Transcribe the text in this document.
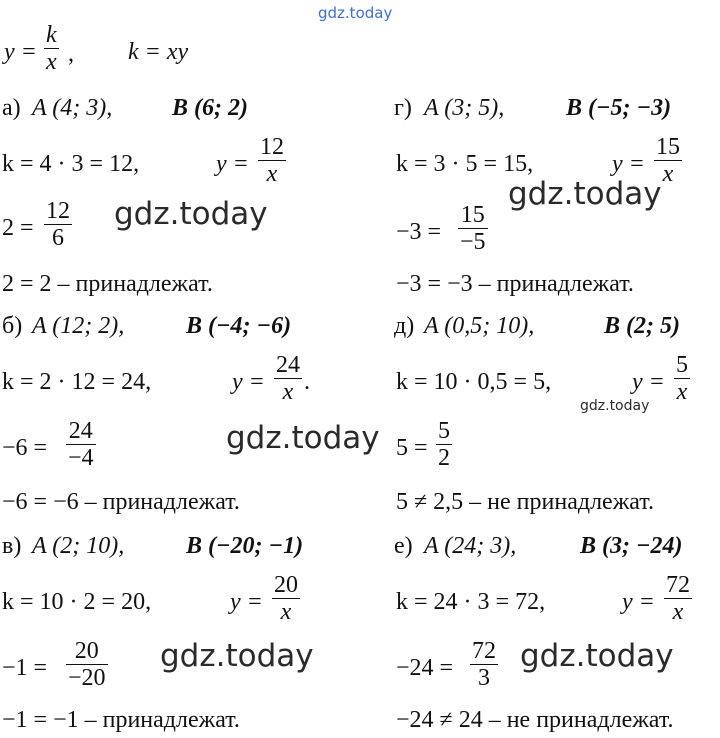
gdz.today
y =
k
x , k = xy
а) A (4; 3), B (6; 2)
k = 4 · 3 = 12,	y =
12
x
2 =
12
6
2 = 2 – принадлежат.
б) A (12; 2),	B (−4; −6)
k = 2 · 12 = 24,	y =
24
x .
−6 =
24
−4
−6 = −6 – принадлежат.
в) A (2; 10),	B (−20; −1)
k = 10 · 2 = 20,	y =
20
x
−1 =
20
−20
−1 = −1 – принадлежат.
г) A (3; 5),	B (−5; −3)
k = 3 · 5 = 15,	y =
15
x
−3 =
15
−5
−3 = −3 – принадлежат.
д) A (0,5; 10),	B (2; 5)
k = 10 · 0,5 = 5,	y =
5
x
5 =
5
2
5 ≠ 2,5 – не принадлежат.
е) A (24; 3),	B (3; −24)
k = 24 · 3 = 72,	y =
72
x
−24 =
72
3
−24 ≠ 24 – не принадлежат.
gdz.today
gdz.today
gdz.today
gdz.today
gdz.today	gdz.today
